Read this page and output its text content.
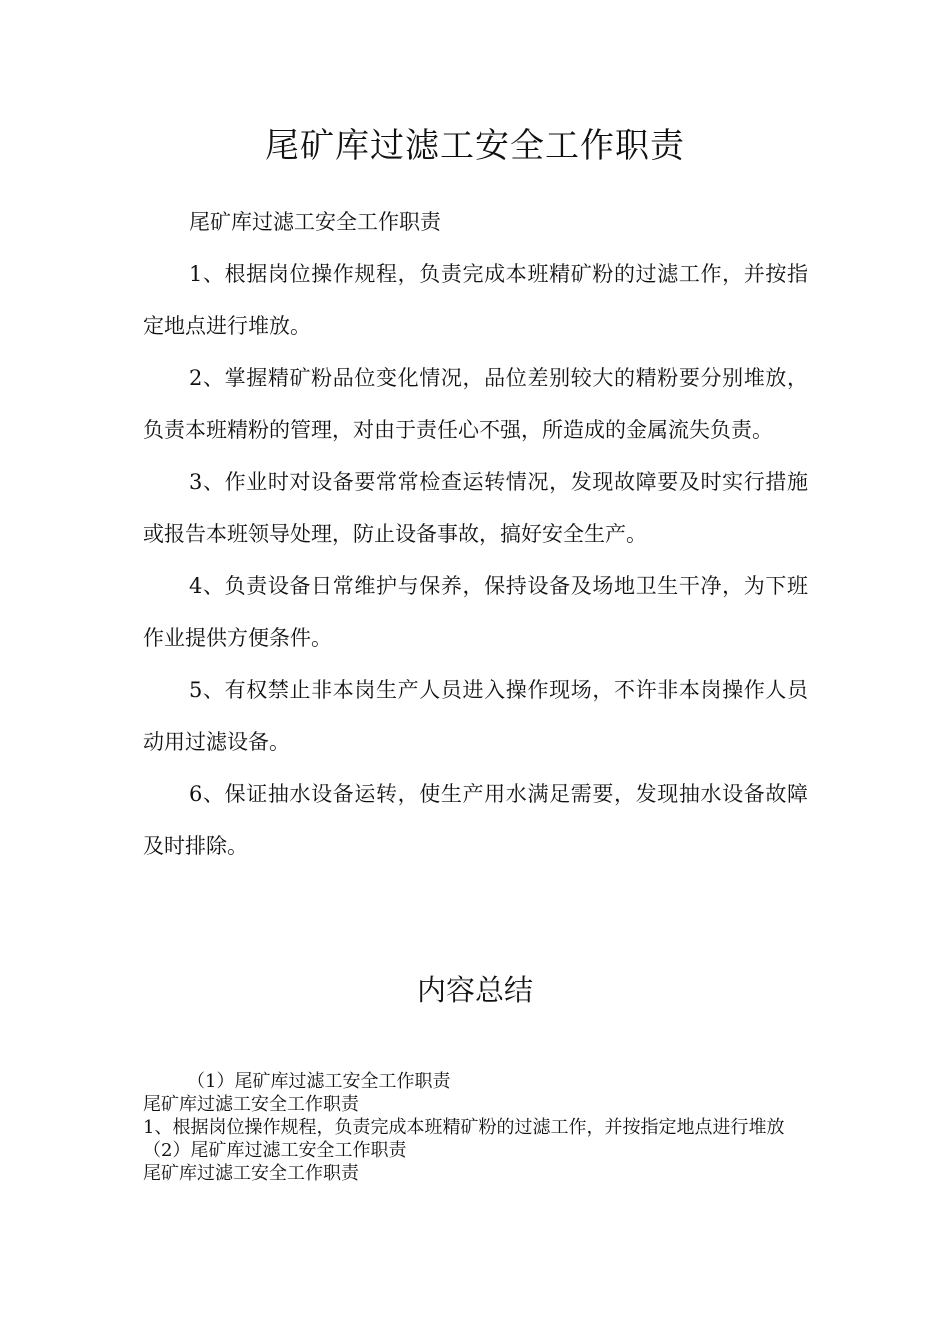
尾矿库过滤工安全工作职责

尾矿库过滤工安全工作职责

1、根据岗位操作规程，负责完成本班精矿粉的过滤工作，并按指定地点进行堆放。

2、掌握精矿粉品位变化情况，品位差别较大的精粉要分别堆放，负责本班精粉的管理，对由于责任心不强，所造成的金属流失负责。

3、作业时对设备要常常检查运转情况，发现故障要及时实行措施或报告本班领导处理，防止设备事故，搞好安全生产。

4、负责设备日常维护与保养，保持设备及场地卫生干净，为下班作业提供方便条件。

5、有权禁止非本岗生产人员进入操作现场，不许非本岗操作人员动用过滤设备。

6、保证抽水设备运转，使生产用水满足需要，发现抽水设备故障及时排除。

内容总结

（1）尾矿库过滤工安全工作职责

尾矿库过滤工安全工作职责

1、根据岗位操作规程，负责完成本班精矿粉的过滤工作，并按指定地点进行堆放

（2）尾矿库过滤工安全工作职责

尾矿库过滤工安全工作职责
